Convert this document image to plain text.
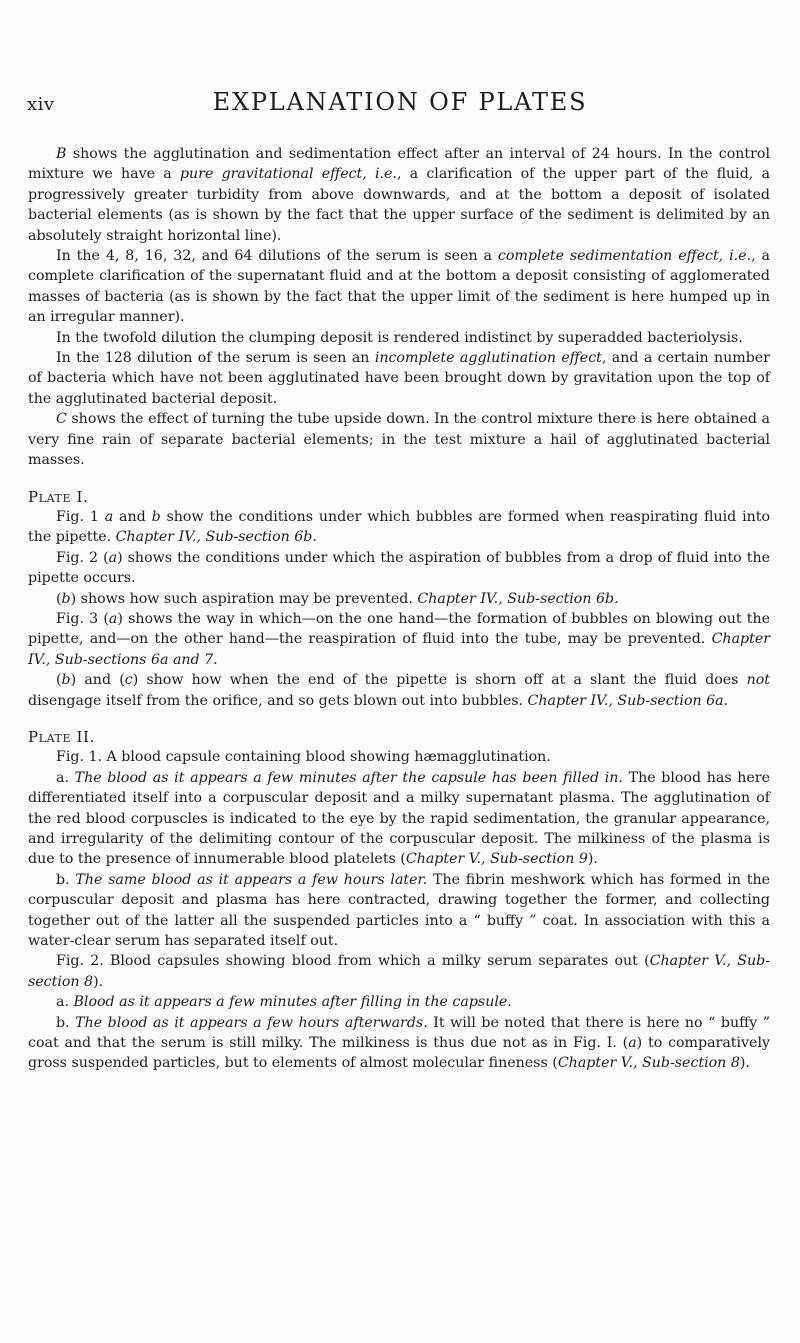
xiv	EXPLANATION OF PLATES

B shows the agglutination and sedimentation effect after an interval of 24 hours. In the control mixture we have a pure gravitational effect, i.e., a clarification of the upper part of the fluid, a progressively greater turbidity from above downwards, and at the bottom a deposit of isolated bacterial elements (as is shown by the fact that the upper surface of the sediment is delimited by an absolutely straight horizontal line).

In the 4, 8, 16, 32, and 64 dilutions of the serum is seen a complete sedimentation effect, i.e., a complete clarification of the supernatant fluid and at the bottom a deposit consisting of agglomerated masses of bacteria (as is shown by the fact that the upper limit of the sediment is here humped up in an irregular manner).

In the twofold dilution the clumping deposit is rendered indistinct by superadded bacteriolysis.

In the 128 dilution of the serum is seen an incomplete agglutination effect, and a certain number of bacteria which have not been agglutinated have been brought down by gravitation upon the top of the agglutinated bacterial deposit.

C shows the effect of turning the tube upside down. In the control mixture there is here obtained a very fine rain of separate bacterial elements; in the test mixture a hail of agglutinated bacterial masses.

Plate I.

Fig. 1 a and b show the conditions under which bubbles are formed when reaspirating fluid into the pipette. Chapter IV., Sub-section 6b.

Fig. 2 (a) shows the conditions under which the aspiration of bubbles from a drop of fluid into the pipette occurs.

(b) shows how such aspiration may be prevented. Chapter IV., Sub-section 6b.

Fig. 3 (a) shows the way in which—on the one hand—the formation of bubbles on blowing out the pipette, and—on the other hand—the reaspiration of fluid into the tube, may be prevented. Chapter IV., Sub-sections 6a and 7.

(b) and (c) show how when the end of the pipette is shorn off at a slant the fluid does not disengage itself from the orifice, and so gets blown out into bubbles. Chapter IV., Sub-section 6a.

Plate II.

Fig. 1. A blood capsule containing blood showing hæmagglutination.

a. The blood as it appears a few minutes after the capsule has been filled in. The blood has here differentiated itself into a corpuscular deposit and a milky supernatant plasma. The agglutination of the red blood corpuscles is indicated to the eye by the rapid sedimentation, the granular appearance, and irregularity of the delimiting contour of the corpuscular deposit. The milkiness of the plasma is due to the presence of innumerable blood platelets (Chapter V., Sub-section 9).

b. The same blood as it appears a few hours later. The fibrin meshwork which has formed in the corpuscular deposit and plasma has here contracted, drawing together the former, and collecting together out of the latter all the suspended particles into a “ buffy ” coat. In association with this a water-clear serum has separated itself out.

Fig. 2. Blood capsules showing blood from which a milky serum separates out (Chapter V., Sub-section 8).

a. Blood as it appears a few minutes after filling in the capsule.

b. The blood as it appears a few hours afterwards. It will be noted that there is here no “ buffy ” coat and that the serum is still milky. The milkiness is thus due not as in Fig. I. (a) to comparatively gross suspended particles, but to elements of almost molecular fineness (Chapter V., Sub-section 8).
